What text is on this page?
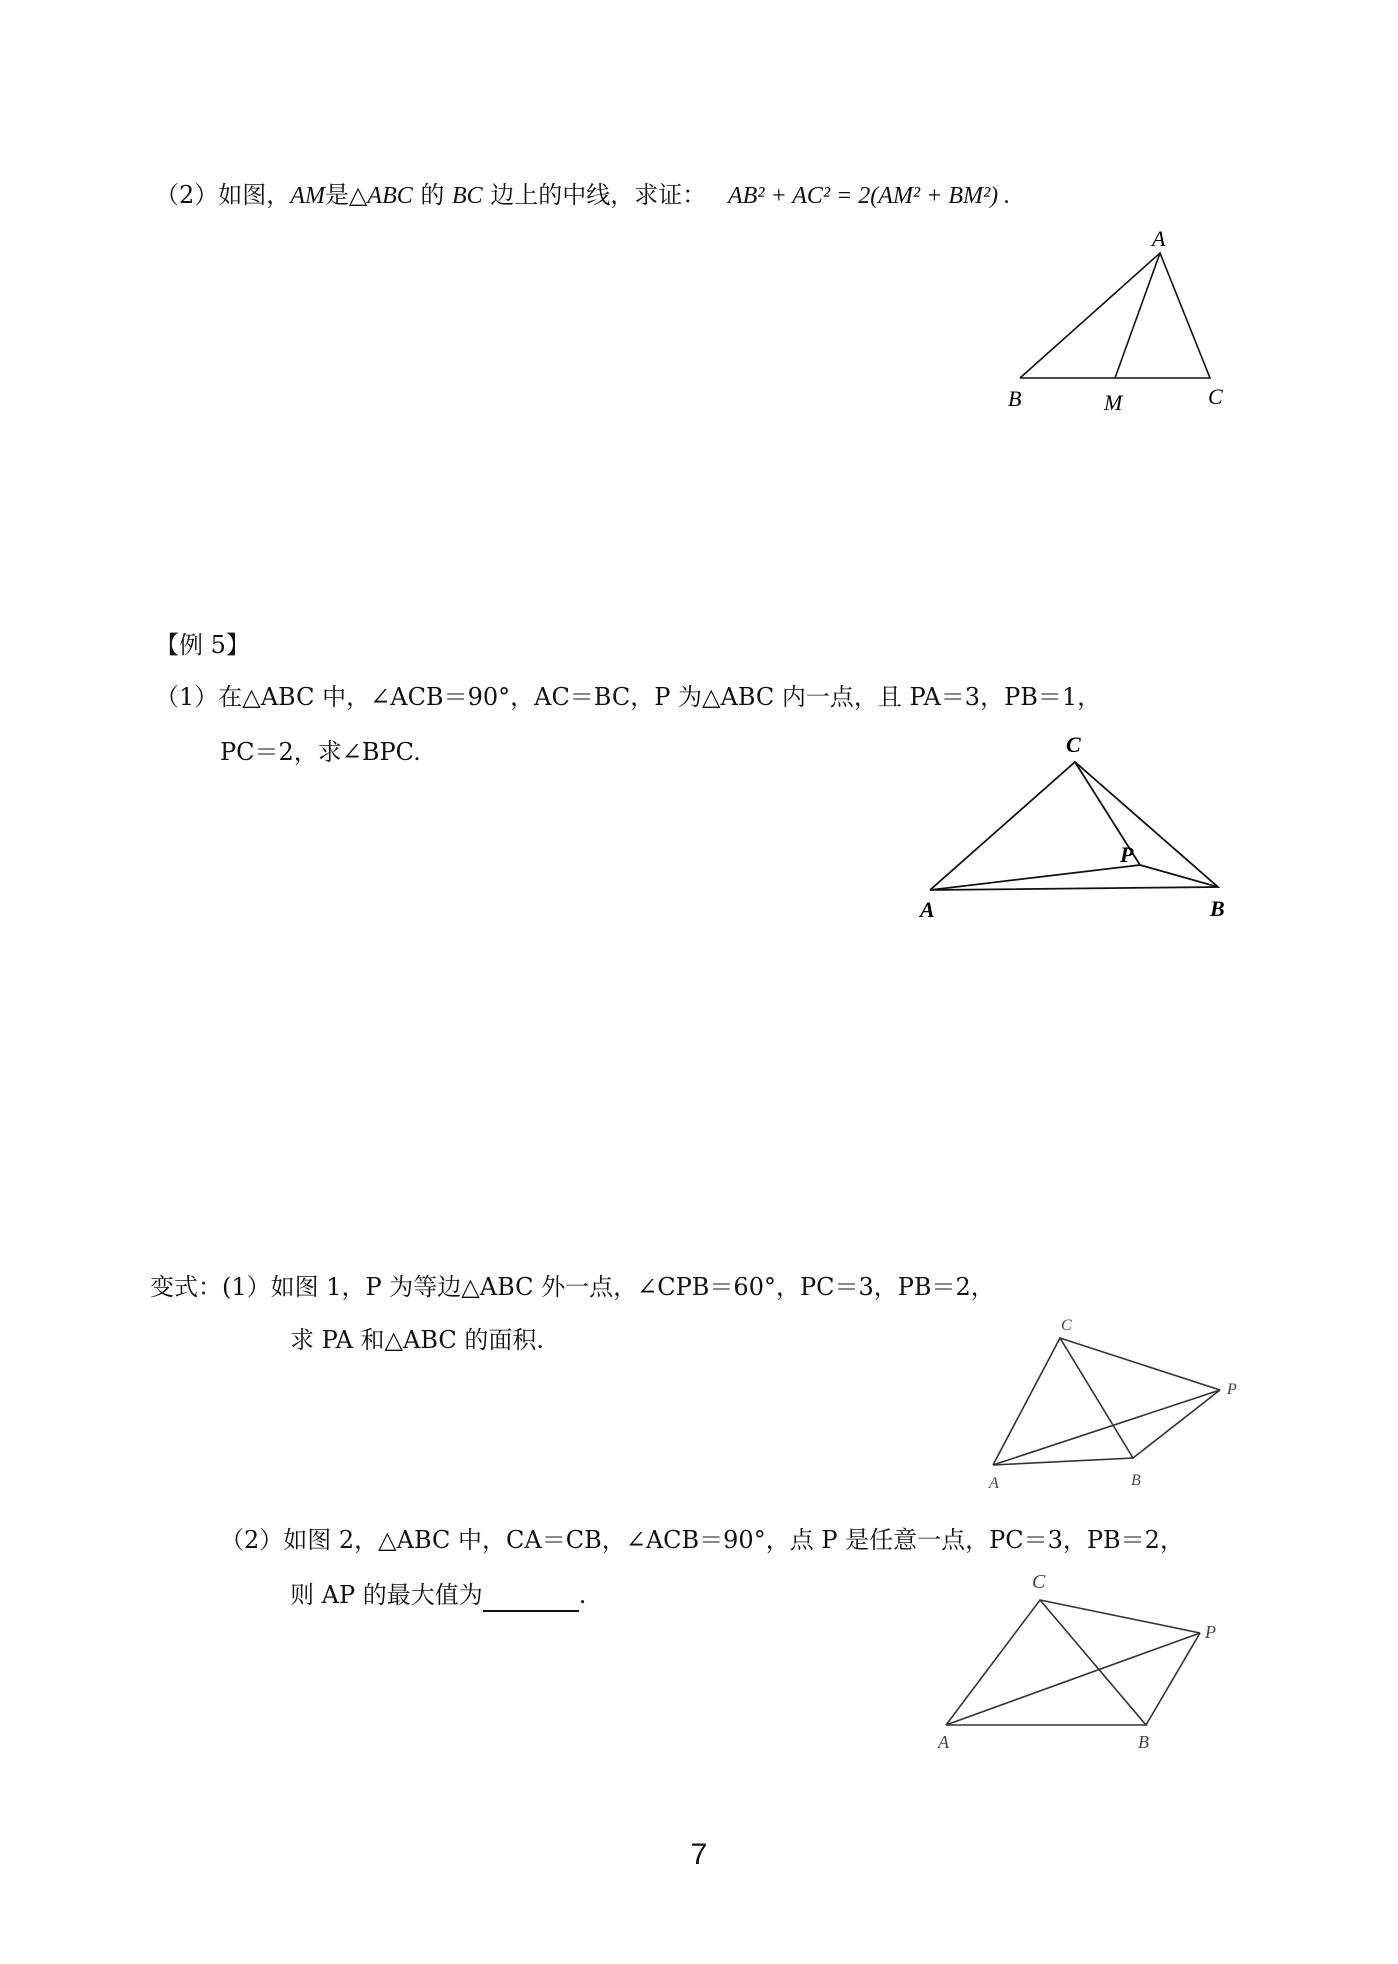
（2）如图，AM是△ABC 的 BC 边上的中线，求证： AB² + AC² = 2(AM² + BM²) .
A
B	M	C
【例 5】
（1）在△ABC 中，∠ACB＝90°，AC＝BC，P 为△ABC 内一点，且 PA＝3，PB＝1，
PC＝2，求∠BPC.	C
P
A	B
变式：(1）如图 1，P 为等边△ABC 外一点，∠CPB＝60°，PC＝3，PB＝2，
求 PA 和△ABC 的面积.
C
P
A	B
（2）如图 2，△ABC 中，CA＝CB，∠ACB＝90°，点 P 是任意一点，PC＝3，PB＝2，
则 AP 的最大值为	.	C
P
A	B
7
